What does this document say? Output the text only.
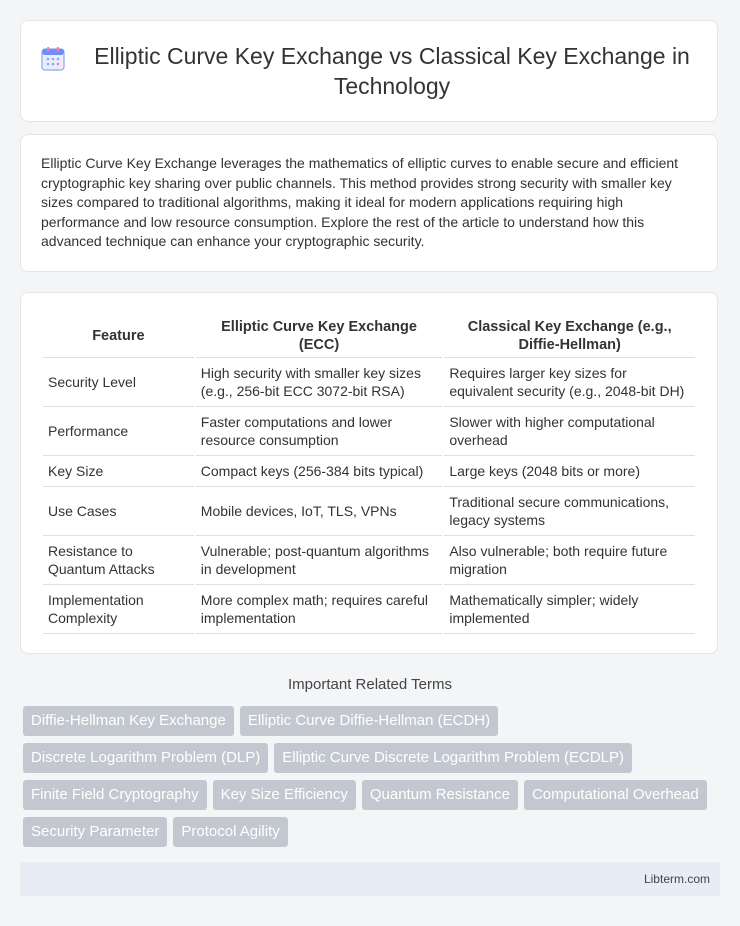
Elliptic Curve Key Exchange vs Classical Key Exchange in Technology

Elliptic Curve Key Exchange leverages the mathematics of elliptic curves to enable secure and efficient cryptographic key sharing over public channels. This method provides strong security with smaller key sizes compared to traditional algorithms, making it ideal for modern applications requiring high performance and low resource consumption. Explore the rest of the article to understand how this advanced technique can enhance your cryptographic security.

Feature	Elliptic Curve Key Exchange (ECC)	Classical Key Exchange (e.g., Diffie-Hellman)
Security Level	High security with smaller key sizes (e.g., 256-bit ECC 3072-bit RSA)	Requires larger key sizes for equivalent security (e.g., 2048-bit DH)
Performance	Faster computations and lower resource consumption	Slower with higher computational overhead
Key Size	Compact keys (256-384 bits typical)	Large keys (2048 bits or more)
Use Cases	Mobile devices, IoT, TLS, VPNs	Traditional secure communications, legacy systems
Resistance to Quantum Attacks	Vulnerable; post-quantum algorithms in development	Also vulnerable; both require future migration
Implementation Complexity	More complex math; requires careful implementation	Mathematically simpler; widely implemented
Important Related Terms
Diffie-Hellman Key Exchange	Elliptic Curve Diffie-Hellman (ECDH)
Discrete Logarithm Problem (DLP)	Elliptic Curve Discrete Logarithm Problem (ECDLP)
Finite Field Cryptography	Key Size Efficiency	Quantum Resistance	Computational Overhead
Security Parameter	Protocol Agility
Libterm.com
